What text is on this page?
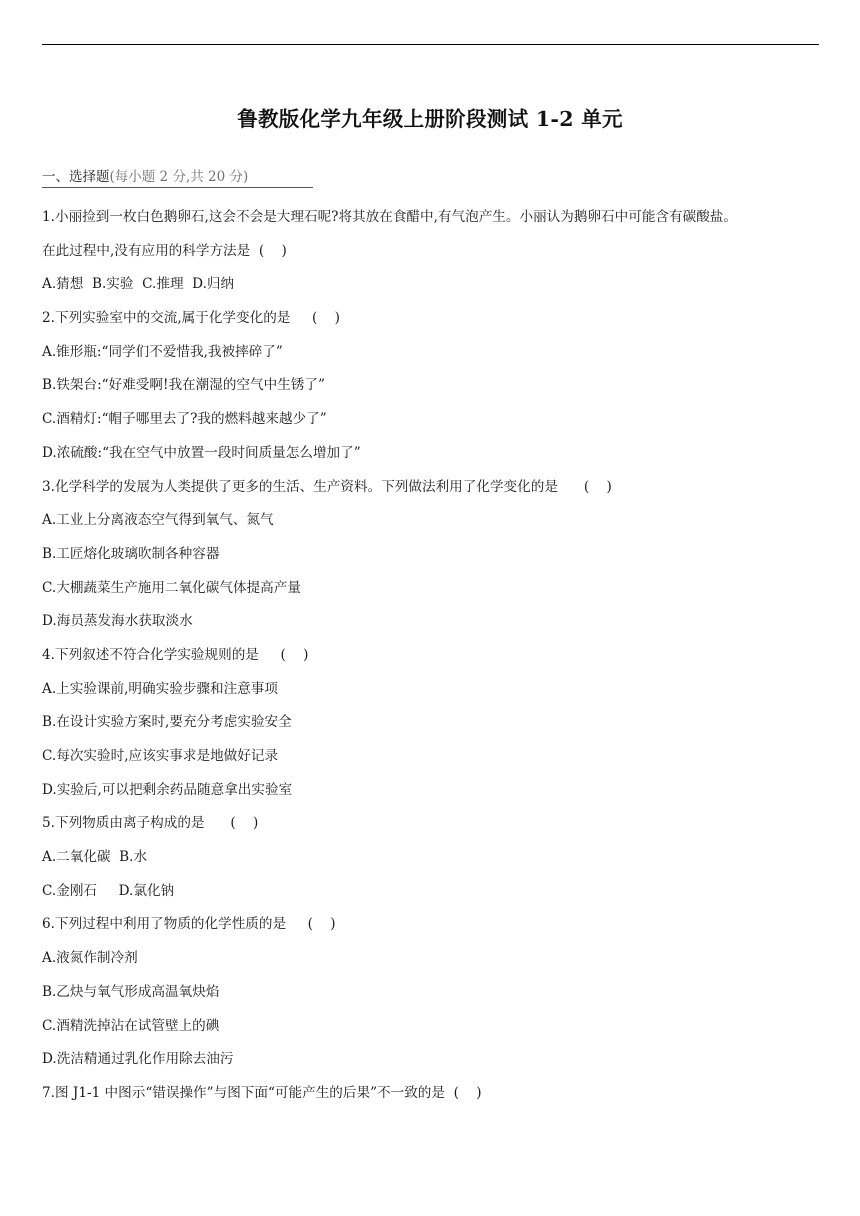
鲁教版化学九年级上册阶段测试 1-2 单元
一、选择题(每小题 2 分,共 20 分)
1.小丽捡到一枚白色鹅卵石,这会不会是大理石呢?将其放在食醋中,有气泡产生。小丽认为鹅卵石中可能含有碳酸盐。
在此过程中,没有应用的科学方法是  (    )
A.猜想  B.实验  C.推理  D.归纳
2.下列实验室中的交流,属于化学变化的是     (    )
A.锥形瓶:“同学们不爱惜我,我被摔碎了”
B.铁架台:“好难受啊!我在潮湿的空气中生锈了”
C.酒精灯:“帽子哪里去了?我的燃料越来越少了”
D.浓硫酸:“我在空气中放置一段时间质量怎么增加了”
3.化学科学的发展为人类提供了更多的生活、生产资料。下列做法利用了化学变化的是      (    )
A.工业上分离液态空气得到氧气、氮气
B.工匠熔化玻璃吹制各种容器
C.大棚蔬菜生产施用二氧化碳气体提高产量
D.海员蒸发海水获取淡水
4.下列叙述不符合化学实验规则的是     (    )
A.上实验课前,明确实验步骤和注意事项
B.在设计实验方案时,要充分考虑实验安全
C.每次实验时,应该实事求是地做好记录
D.实验后,可以把剩余药品随意拿出实验室
5.下列物质由离子构成的是      (    )
A.二氧化碳  B.水
C.金刚石     D.氯化钠
6.下列过程中利用了物质的化学性质的是     (    )
A.液氮作制冷剂
B.乙炔与氧气形成高温氧炔焰
C.酒精洗掉沾在试管壁上的碘
D.洗洁精通过乳化作用除去油污
7.图 J1-1 中图示“错误操作”与图下面“可能产生的后果”不一致的是  (    )
